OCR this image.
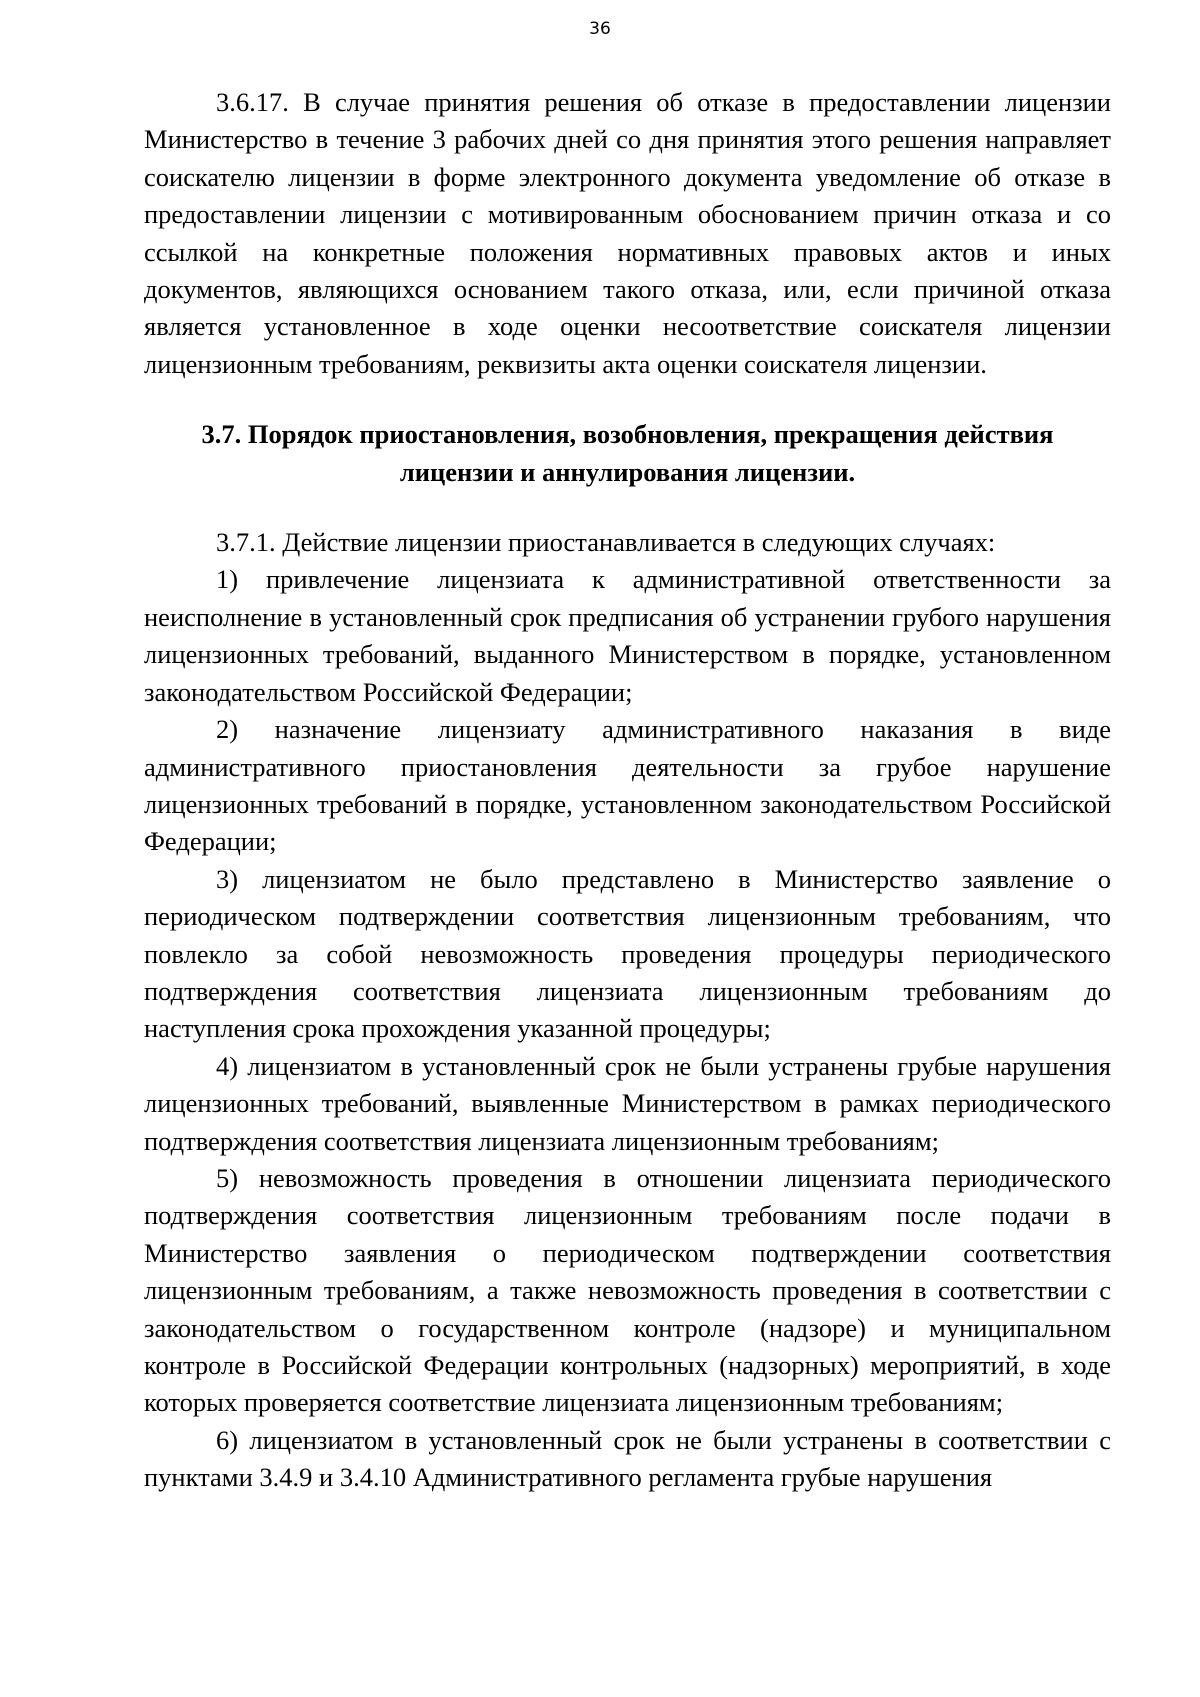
36

3.6.17. В случае принятия решения об отказе в предоставлении лицензии Министерство в течение 3 рабочих дней со дня принятия этого решения направляет соискателю лицензии в форме электронного документа уведомление об отказе в предоставлении лицензии с мотивированным обоснованием причин отказа и со ссылкой на конкретные положения нормативных правовых актов и иных документов, являющихся основанием такого отказа, или, если причиной отказа является установленное в ходе оценки несоответствие соискателя лицензии лицензионным требованиям, реквизиты акта оценки соискателя лицензии.

3.7. Порядок приостановления, возобновления, прекращения действия лицензии и аннулирования лицензии.

3.7.1. Действие лицензии приостанавливается в следующих случаях:

1) привлечение лицензиата к административной ответственности за неисполнение в установленный срок предписания об устранении грубого нарушения лицензионных требований, выданного Министерством в порядке, установленном законодательством Российской Федерации;

2) назначение лицензиату административного наказания в виде административного приостановления деятельности за грубое нарушение лицензионных требований в порядке, установленном законодательством Российской Федерации;

3) лицензиатом не было представлено в Министерство заявление о периодическом подтверждении соответствия лицензионным требованиям, что повлекло за собой невозможность проведения процедуры периодического подтверждения соответствия лицензиата лицензионным требованиям до наступления срока прохождения указанной процедуры;

4) лицензиатом в установленный срок не были устранены грубые нарушения лицензионных требований, выявленные Министерством в рамках периодического подтверждения соответствия лицензиата лицензионным требованиям;

5) невозможность проведения в отношении лицензиата периодического подтверждения соответствия лицензионным требованиям после подачи в Министерство заявления о периодическом подтверждении соответствия лицензионным требованиям, а также невозможность проведения в соответствии с законодательством о государственном контроле (надзоре) и муниципальном контроле в Российской Федерации контрольных (надзорных) мероприятий, в ходе которых проверяется соответствие лицензиата лицензионным требованиям;

6) лицензиатом в установленный срок не были устранены в соответствии с пунктами 3.4.9 и 3.4.10 Административного регламента грубые нарушения
